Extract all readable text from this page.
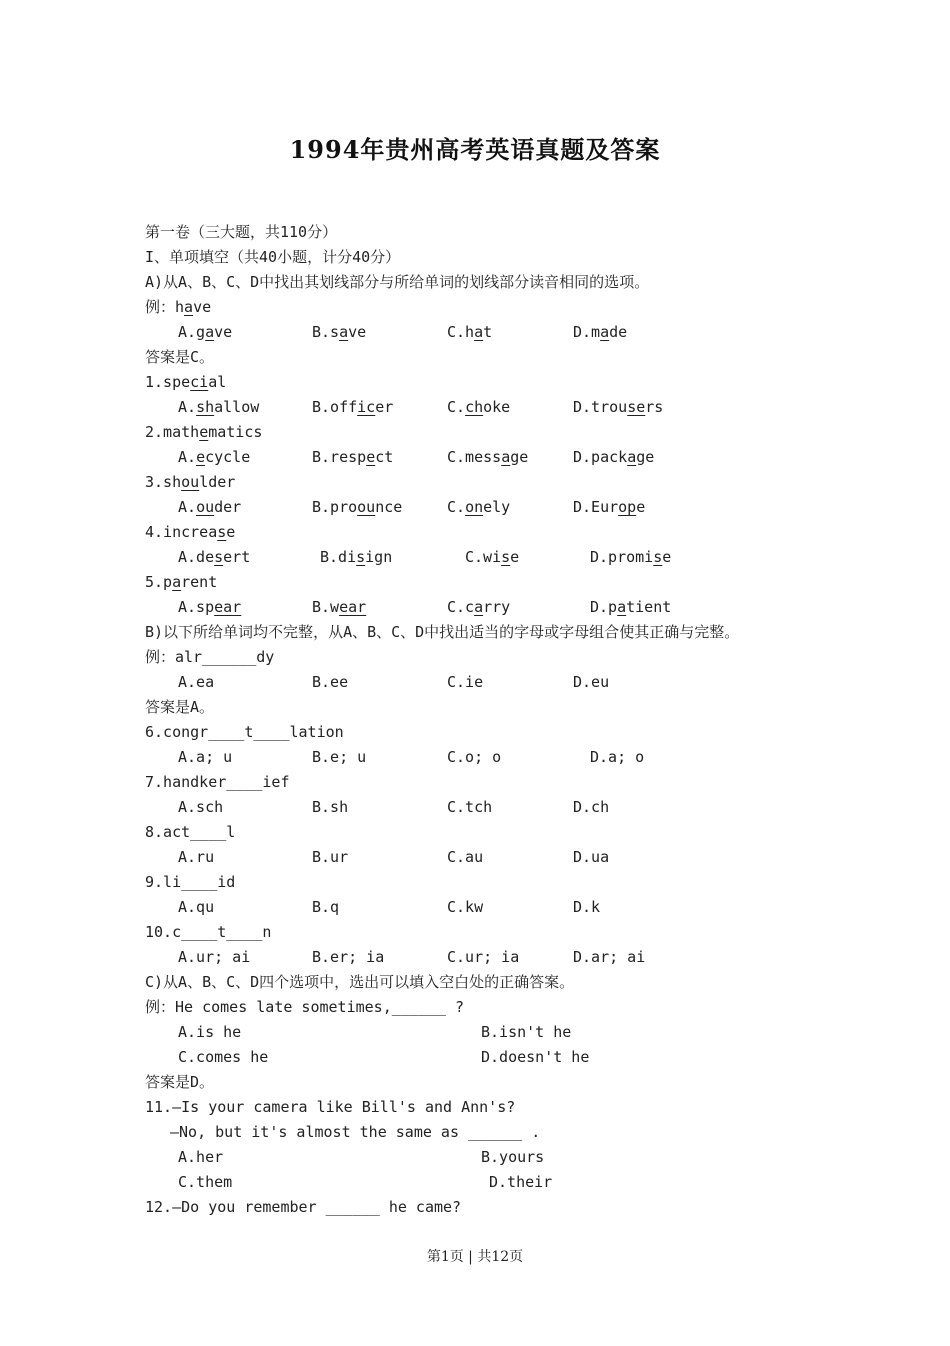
1994年贵州高考英语真题及答案
第一卷（三大题，共110分）
I、单项填空（共40小题，计分40分）
A)从A、B、C、D中找出其划线部分与所给单词的划线部分读音相同的选项。
例：have

A.gave

	B.save

	C.hat

	D.made

答案是C。
1.special

A.shallow

	B.officer

	C.choke

	D.trousers

2.mathematics

A.ecycle

	B.respect

	C.message

	D.package

3.shoulder

A.ouder

	B.proounce

	C.onely

	D.Europe

4.increase

A.desert

	B.disign

	C.wise

	D.promise

5.parent

A.spear

	B.wear

	C.carry

	D.patient

B)以下所给单词均不完整，从A、B、C、D中找出适当的字母或字母组合使其正确与完整。
例：alr______dy

A.ea

	B.ee

	C.ie

	D.eu

答案是A。
6.congr____t____lation

A.a; u

	B.e; u

	C.o; o

	D.a; o

7.handker____ief

A.sch

	B.sh

	C.tch

	D.ch

8.act____l

A.ru

	B.ur

	C.au

	D.ua

9.li____id

A.qu

	B.q

	C.kw

	D.k

10.c____t____n

A.ur; ai

	B.er; ia

	C.ur; ia

	D.ar; ai

C)从A、B、C、D四个选项中，选出可以填入空白处的正确答案。
例：He comes late sometimes,______ ?

A.is he

	B.isn't he

C.comes he

	D.doesn't he

答案是D。
11.—Is your camera like Bill's and Ann's?
—No, but it's almost the same as ______ .

A.her

	B.yours

C.them

	D.their

12.—Do you remember ______ he came?
第1页 | 共12页
